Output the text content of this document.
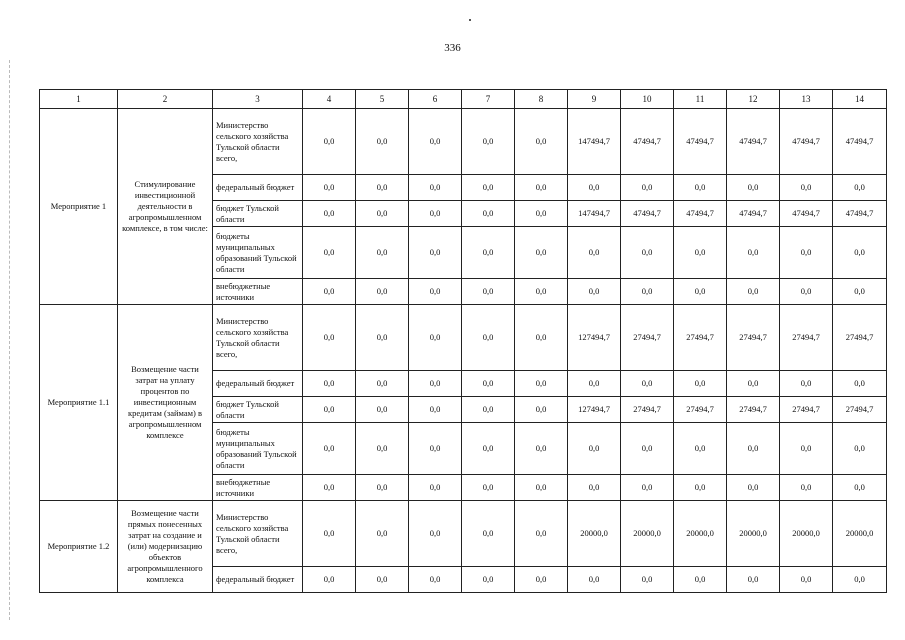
336
1	2	3	4	5	6	7	8	9	10	11	12	13	14
Мероприятие 1	Стимулирование инвестиционной деятельности в агропромышленном комплексе, в том числе:	Министерство сельского хозяйства Тульской области всего,	0,0	0,0	0,0	0,0	0,0	147494,7	47494,7	47494,7	47494,7	47494,7	47494,7
		федеральный бюджет	0,0	0,0	0,0	0,0	0,0	0,0	0,0	0,0	0,0	0,0	0,0
		бюджет Тульской области	0,0	0,0	0,0	0,0	0,0	147494,7	47494,7	47494,7	47494,7	47494,7	47494,7
		бюджеты муниципальных образований Тульской области	0,0	0,0	0,0	0,0	0,0	0,0	0,0	0,0	0,0	0,0	0,0
		внебюджетные источники	0,0	0,0	0,0	0,0	0,0	0,0	0,0	0,0	0,0	0,0	0,0
Мероприятие 1.1	Возмещение части затрат на уплату процентов по инвестиционным кредитам (займам) в агропромышленном комплексе	Министерство сельского хозяйства Тульской области всего,	0,0	0,0	0,0	0,0	0,0	127494,7	27494,7	27494,7	27494,7	27494,7	27494,7
		федеральный бюджет	0,0	0,0	0,0	0,0	0,0	0,0	0,0	0,0	0,0	0,0	0,0
		бюджет Тульской области	0,0	0,0	0,0	0,0	0,0	127494,7	27494,7	27494,7	27494,7	27494,7	27494,7
		бюджеты муниципальных образований Тульской области	0,0	0,0	0,0	0,0	0,0	0,0	0,0	0,0	0,0	0,0	0,0
		внебюджетные источники	0,0	0,0	0,0	0,0	0,0	0,0	0,0	0,0	0,0	0,0	0,0
Мероприятие 1.2	Возмещение части прямых понесенных затрат на создание и (или) модернизацию объектов агропромышленного комплекса	Министерство сельского хозяйства Тульской области всего,	0,0	0,0	0,0	0,0	0,0	20000,0	20000,0	20000,0	20000,0	20000,0	20000,0
		федеральный бюджет	0,0	0,0	0,0	0,0	0,0	0,0	0,0	0,0	0,0	0,0	0,0
